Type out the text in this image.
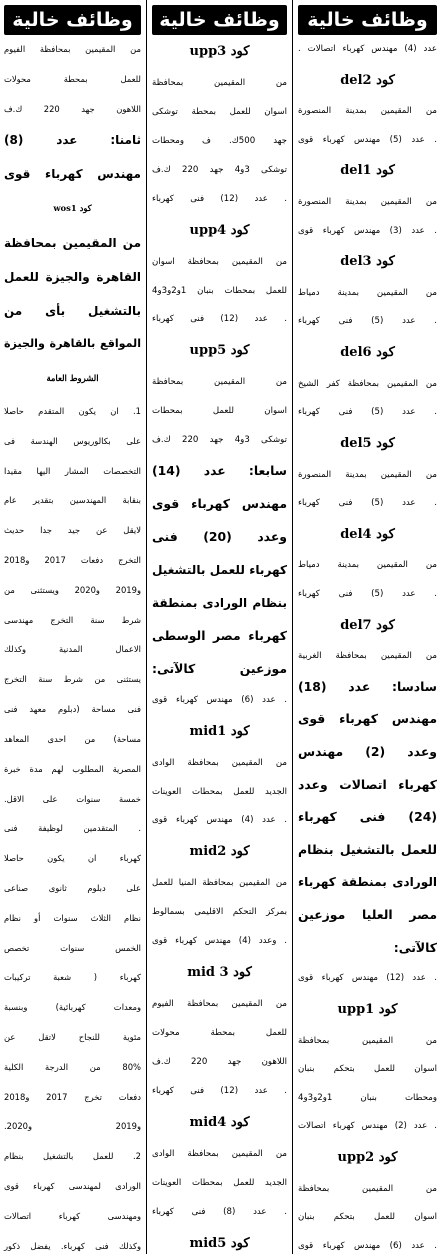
وظائف خالية
عدد (4) مهندس كهرباء اتصالات .
كود del2
من المقيمين بمدينة المنصورة
. عدد (5) مهندس كهرباء قوى
كود del1
من المقيمين بمدينة المنصورة
. عدد (3) مهندس كهرباء قوى
كود del3
من المقيمين بمدينة دمياط
. عدد (5) فنى كهرباء
كود del6
من المقيمين بمحافظة كفر الشيخ
. عدد (5) فنى كهرباء
كود del5
من المقيمين بمدينة المنصورة
. عدد (5) فنى كهرباء
كود del4
من المقيمين بمدينة دمياط
. عدد (5) فنى كهرباء
كود del7
من المقيمين بمحافظة الغربية
سادسا: عدد (18)
مهندس كهرباء قوى
وعدد (2) مهندس
كهرباء اتصالات وعدد
(24) فنى كهرباء
للعمل بالتشغيل بنظام
الورادى بمنطقة كهرباء
مصر العليا موزعين
كالآتى:
. عدد (12) مهندس كهرباء قوى
كود upp1
من المقيمين بمحافظة
اسوان للعمل بتحكم بنبان
ومحطات بنبان 1و2و3و4
. عدد (2) مهندس كهرباء اتصالات
كود upp2
من المقيمين بمحافظة
اسوان للعمل بتحكم بنبان
. عدد (6) مهندس كهرباء قوى
وظائف خالية
كود upp3
من المقيمين بمحافظة
اسوان للعمل بمحطة توشكى
جهد 500ك. ف ومحطات
توشكى 3و4 جهد 220 ك.ف
. عدد (12) فنى كهرباء
كود upp4
من المقيمين بمحافظة اسوان
للعمل بمحطات بنبان 1و2و3و4
. عدد (12) فنى كهرباء
كود upp5
من المقيمين بمحافظة
اسوان للعمل بمحطات
توشكى 3و4 جهد 220 ك.ف
سابعا: عدد (14)
مهندس كهرباء قوى
وعدد (20) فنى
كهرباء للعمل بالتشغيل
بنظام الورادى بمنطقة
كهرباء مصر الوسطى
موزعين كالآتى:
. عدد (6) مهندس كهرباء قوى
كود mid1
من المقيمين بمحافظة الوادى
الجديد للعمل بمحطات العوينات
. عدد (4) مهندس كهرباء قوى
كود mid2
من المقيمين بمحافظة المنيا للعمل
بمركز التحكم الاقليمى بسمالوط
. وعدد (4) مهندس كهرباء قوى
كود mid 3
من المقيمين بمحافظة الفيوم
للعمل بمحطة محولات
اللاهون جهد 220 ك.ف
. عدد (12) فنى كهرباء
كود mid4
من المقيمين بمحافظة الوادى
الجديد للعمل بمحطات العوينات
. عدد (8) فنى كهرباء
كود mid5
وظائف خالية
من المقيمين بمحافظة الفيوم
للعمل بمحطة محولات
اللاهون جهد 220 ك.ف
ثامنا: عدد (8)
مهندس كهرباء قوى
كود wos1
من المقيمين بمحافظة
القاهرة والجيزة للعمل
بالتشغيل بأى من
المواقع بالقاهرة والجيزة
الشروط العامة
1. ان يكون المتقدم حاصلا
على بكالوريوس الهندسة فى
التخصصات المشار اليها مقيدا
بنقابة المهندسين بتقدير عام
لايقل عن جيد جدا حديث
التخرج دفعات 2017 و2018
و2019 و2020 ويستثنى من
شرط سنة التخرج مهندسى
الاعمال المدنية وكذلك
يستثنى من شرط سنة التخرج
فنى مساحة (دبلوم معهد فنى
مساحة) من احدى المعاهد
المصرية المطلوب لهم مدة خبرة
خمسة سنوات على الاقل.
. المتقدمين لوظيفة فنى
كهرباء ان يكون حاصلا
على دبلوم ثانوى صناعى
نظام الثلاث سنوات أو نظام
الخمس سنوات تخصص
كهرباء ( شعبة تركيبات
ومعدات كهربائية) وبنسبة
مئوية للنجاح لاتقل عن
80% من الدرجة الكلية
دفعات تخرج 2017 و2018
و2019 و2020.
2. للعمل بالتشغيل بنظام
الورادى لمهندسى كهرباء قوى
ومهندسى كهرباء اتصالات
وكذلك فنى كهرباء. يفضل ذكور
